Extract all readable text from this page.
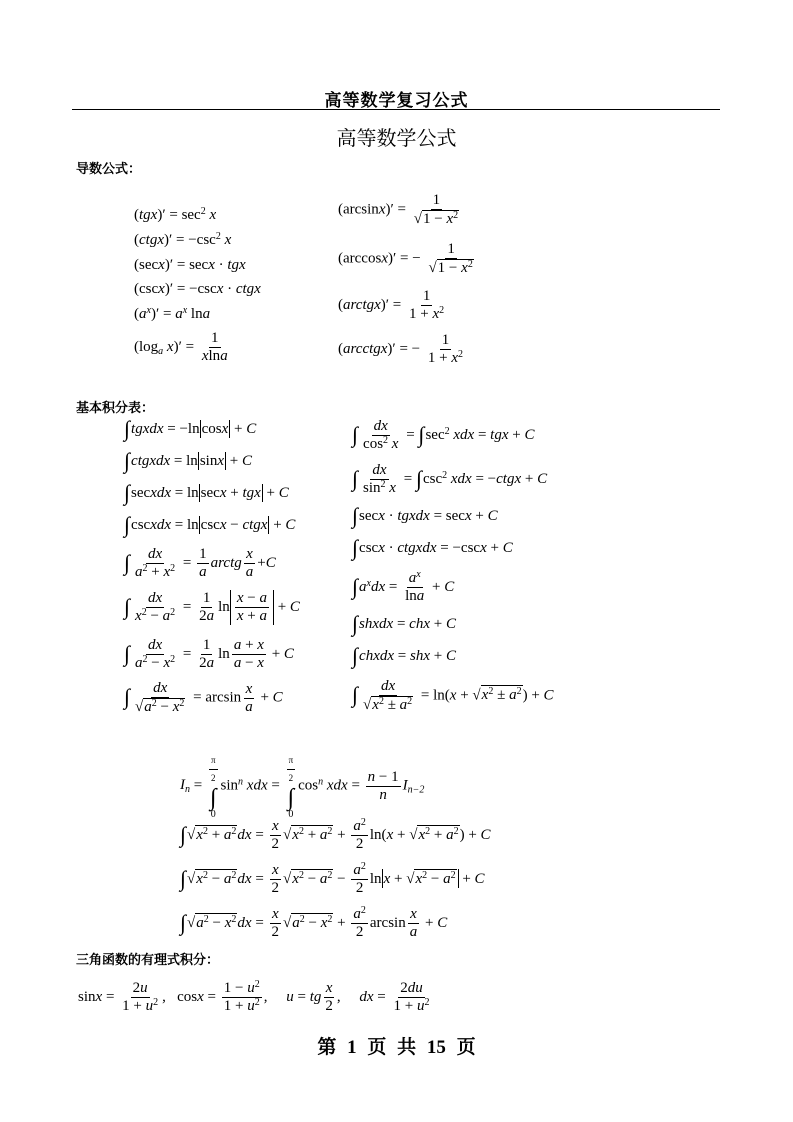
高等数学复习公式
高等数学公式
导数公式：
$(tgx)' = \sec^2 x$
(ctgx)′ = $-\csc^2$ x
(secx)′ = secx · tgx
(cscx)′ = −cscx · ctgx
$(a^x)' = a^x$ lna
($\log_a$ $x)' = \frac{1}{xlna}$
$(\arcsin x)' = \frac{1}{√1 - x^2}$
(arccosx)′ = − $\frac{1}{√1 - x^2}$
(arctgx)′ = $\frac{1}{1 + x^2}$
(arcctgx)′ = − $\frac{1}{1 + x^2}$
基本积分表：
∫tgxdx = −ln cosx + C
∫ctgxdx = ln sinx + C
∫secxdx = ln secx + tgx + C
∫cscxdx = ln cscx − ctgx + C
∫ $\frac{dx}{a^2 + x^2} = \frac{1}{a}$ arctg $\frac{x}{a} +C$
∫ $\frac{dx}{x^2 - a^2} = \frac{1}{2a}$ $\ln \frac{x - a}{x + a} + C$
∫ $\frac{dx}{a^2 - x^2} = \frac{1}{2a}$ $\ln \frac{a + x}{a - x} + C$
∫ $\frac{dx}{√a^2 - x^2} = \arcsin \frac{x}{a} + C$
∫ $\frac{dx}{\cos^2 x} = \int\sec^2$ xdx = tgx + C
∫ $\frac{dx}{\sin^2 x} = \int\csc^2$ xdx = −ctgx + C
∫secx · tgxdx = secx + C
∫cscx · ctgxdx = −cscx + C
$\int a^xdx = \frac{a^x}{\ln a} + C$
∫shxdx = chx + C
∫chxdx = shx + C
∫ $\frac{dx}{√x^2 \pm a^2} = \ln(x + √x^2 \pm a^2) + C$
$I_n = \frac{\pi}{2}$
∫
0
$\sin^n$ xdx = $\frac{\pi}{2}$
∫
0
$\cos^n$ xdx = $\frac{n - 1}{n} I_{n-2}$
$\int√x^2 + a^2dx = \frac{x}{2} √x^2 + a^2 + \frac{a^2}{2} \ln(x + √x^2 + a^2) + C$
$\int√x^2 - a^2dx = \frac{x}{2} √x^2 - a^2 - \frac{a^2}{2}$ $\ln x + √x^2 - a^2 + C$
$\int√a^2 - x^2dx = \frac{x}{2} √a^2 - x^2 + \frac{a^2}{2}$ $\arcsin \frac{x}{a} + C$
三角函数的有理式积分：
$\sin x = \frac{2u}{1 + u^2}$ ,   $\cos x = \frac{1 - u^2}{1 + u^2}$ ,     u = tg $\frac{x}{2}$ ,     dx = $\frac{2du}{1 + u^2}$
第 1 页 共 15 页
